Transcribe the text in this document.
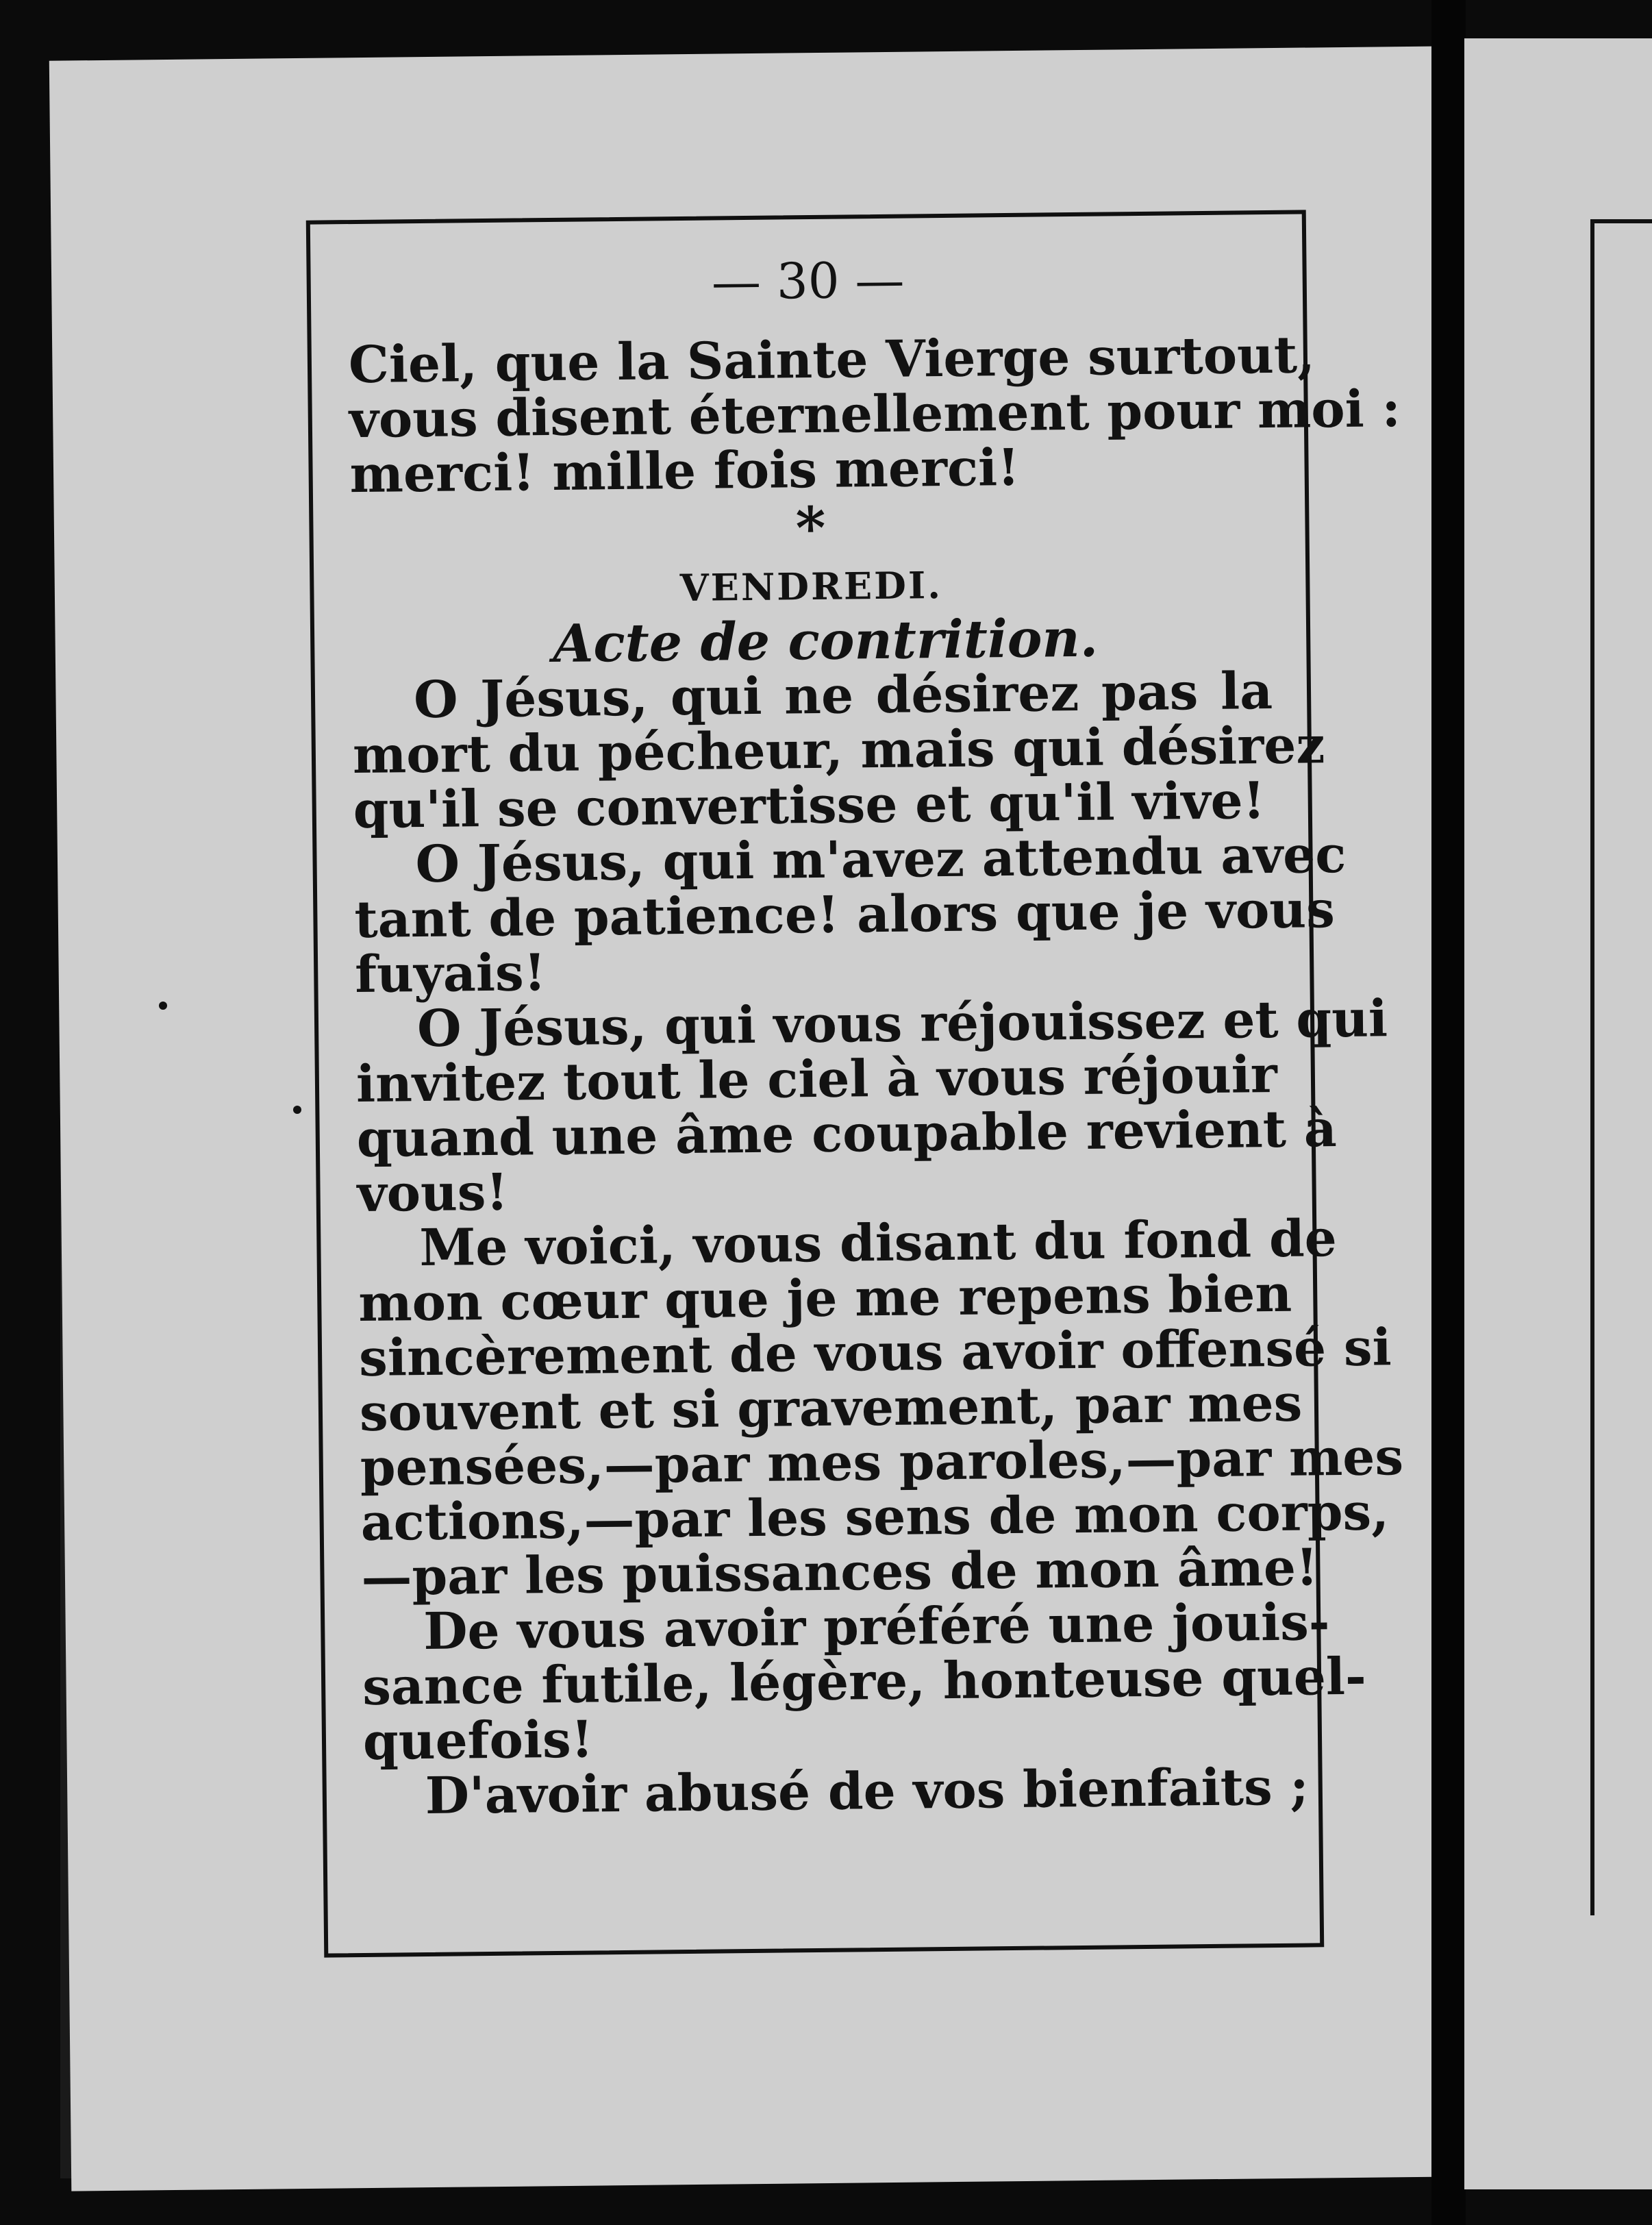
— 30 —
Ciel, que la Sainte Vierge surtout,
vous disent éternellement pour moi :
merci! mille fois merci!
*
VENDREDI.
Acte de contrition.
O Jésus, qui ne désirez pas la
mort du pécheur, mais qui désirez
qu'il se convertisse et qu'il vive!
O Jésus, qui m'avez attendu avec
tant de patience! alors que je vous
fuyais!
O Jésus, qui vous réjouissez et qui
invitez tout le ciel à vous réjouir
quand une âme coupable revient à
vous!
Me voici, vous disant du fond de
mon cœur que je me repens bien
sincèrement de vous avoir offensé si
souvent et si gravement, par mes
pensées,—par mes paroles,—par mes
actions,—par les sens de mon corps,
—par les puissances de mon âme!
De vous avoir préféré une jouis-
sance futile, légère, honteuse quel-
quefois!
D'avoir abusé de vos bienfaits ;
